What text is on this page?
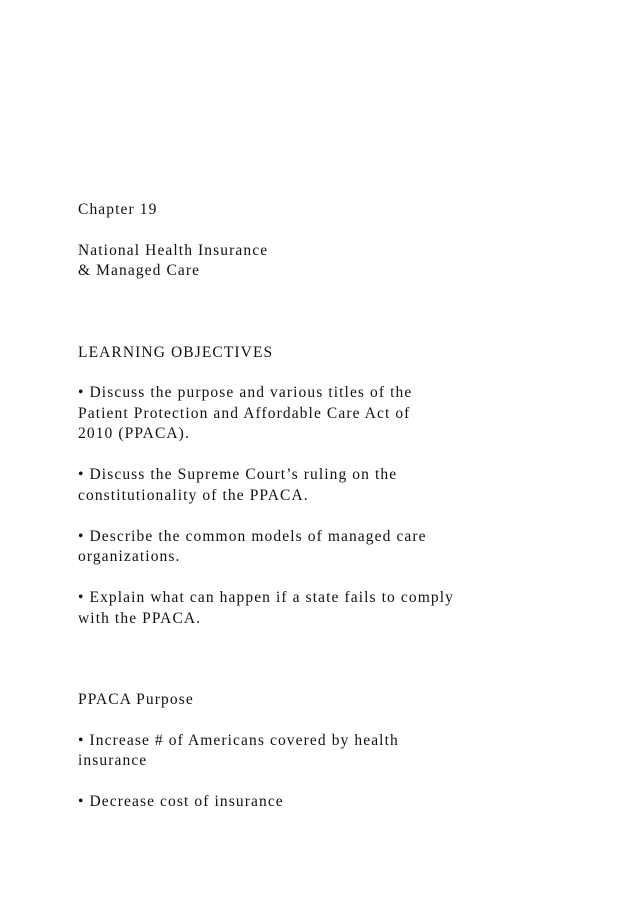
Chapter 19

National Health Insurance

& Managed Care

LEARNING OBJECTIVES

• Discuss the purpose and various titles of the

Patient Protection and Affordable Care Act of

2010 (PPACA).

• Discuss the Supreme Court’s ruling on the

constitutionality of the PPACA.

• Describe the common models of managed care

organizations.

• Explain what can happen if a state fails to comply

with the PPACA.

PPACA Purpose

• Increase # of Americans covered by health

insurance

• Decrease cost of insurance
